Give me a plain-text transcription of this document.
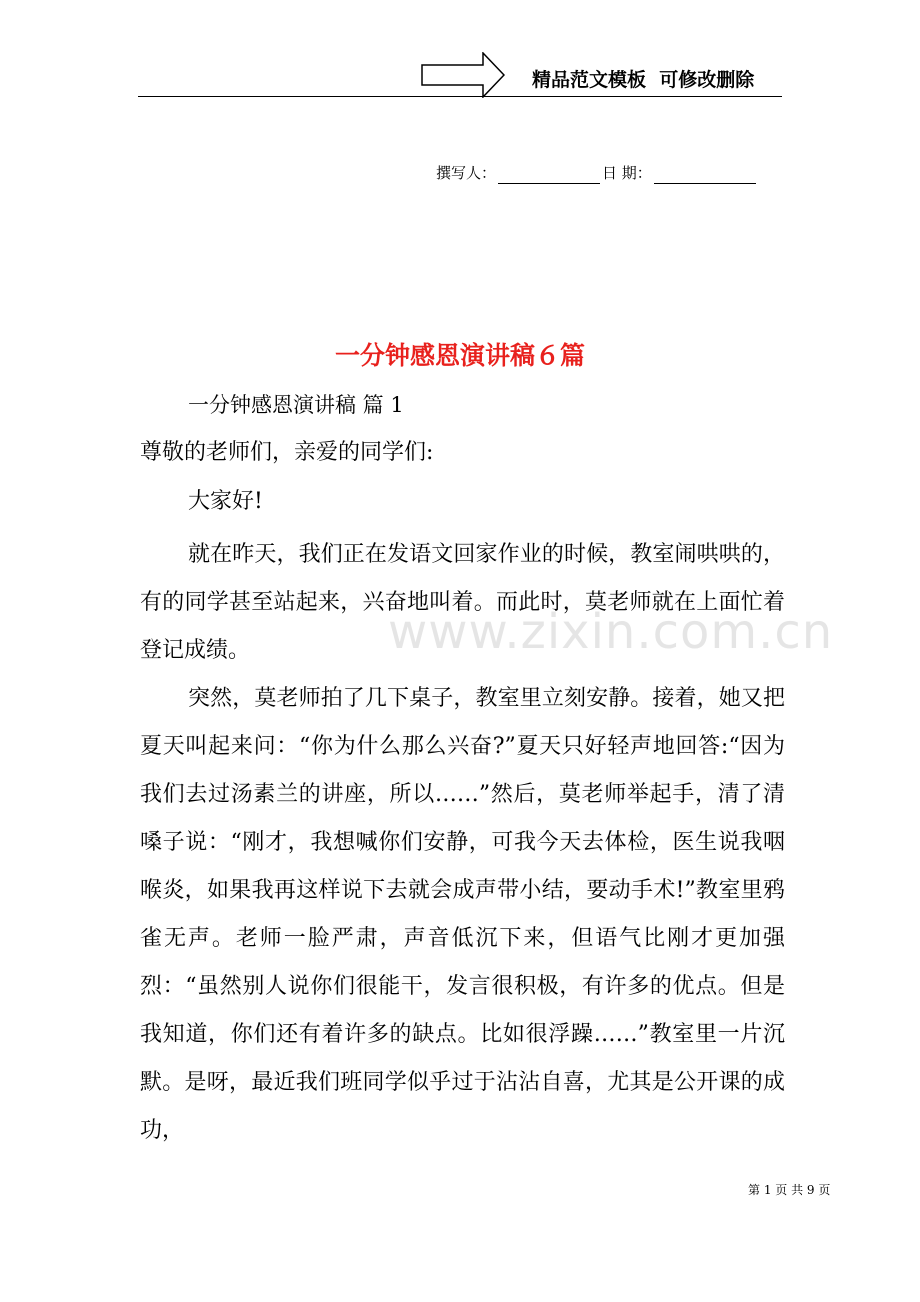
精品范文模板  可修改删除
撰写人：	日 期：
一分钟感恩演讲稿６篇
一分钟感恩演讲稿 篇 1
尊敬的老师们，亲爱的同学们:
大家好!

就在昨天，我们正在发语文回家作业的时候，教室闹哄哄的，有的同学甚至站起来，兴奋地叫着。而此时，莫老师就在上面忙着登记成绩。

突然，莫老师拍了几下桌子，教室里立刻安静。接着，她又把夏天叫起来问：“你为什么那么兴奋?”夏天只好轻声地回答:“因为我们去过汤素兰的讲座，所以……”然后，莫老师举起手，清了清嗓子说：“刚才，我想喊你们安静，可我今天去体检，医生说我咽喉炎，如果我再这样说下去就会成声带小结，要动手术!”教室里鸦雀无声。老师一脸严肃，声音低沉下来，但语气比刚才更加强烈：“虽然别人说你们很能干，发言很积极，有许多的优点。但是我知道，你们还有着许多的缺点。比如很浮躁……”教室里一片沉默。是呀，最近我们班同学似乎过于沾沾自喜，尤其是公开课的成功，

www.zixin.com.cn
第 1 页 共 9 页
